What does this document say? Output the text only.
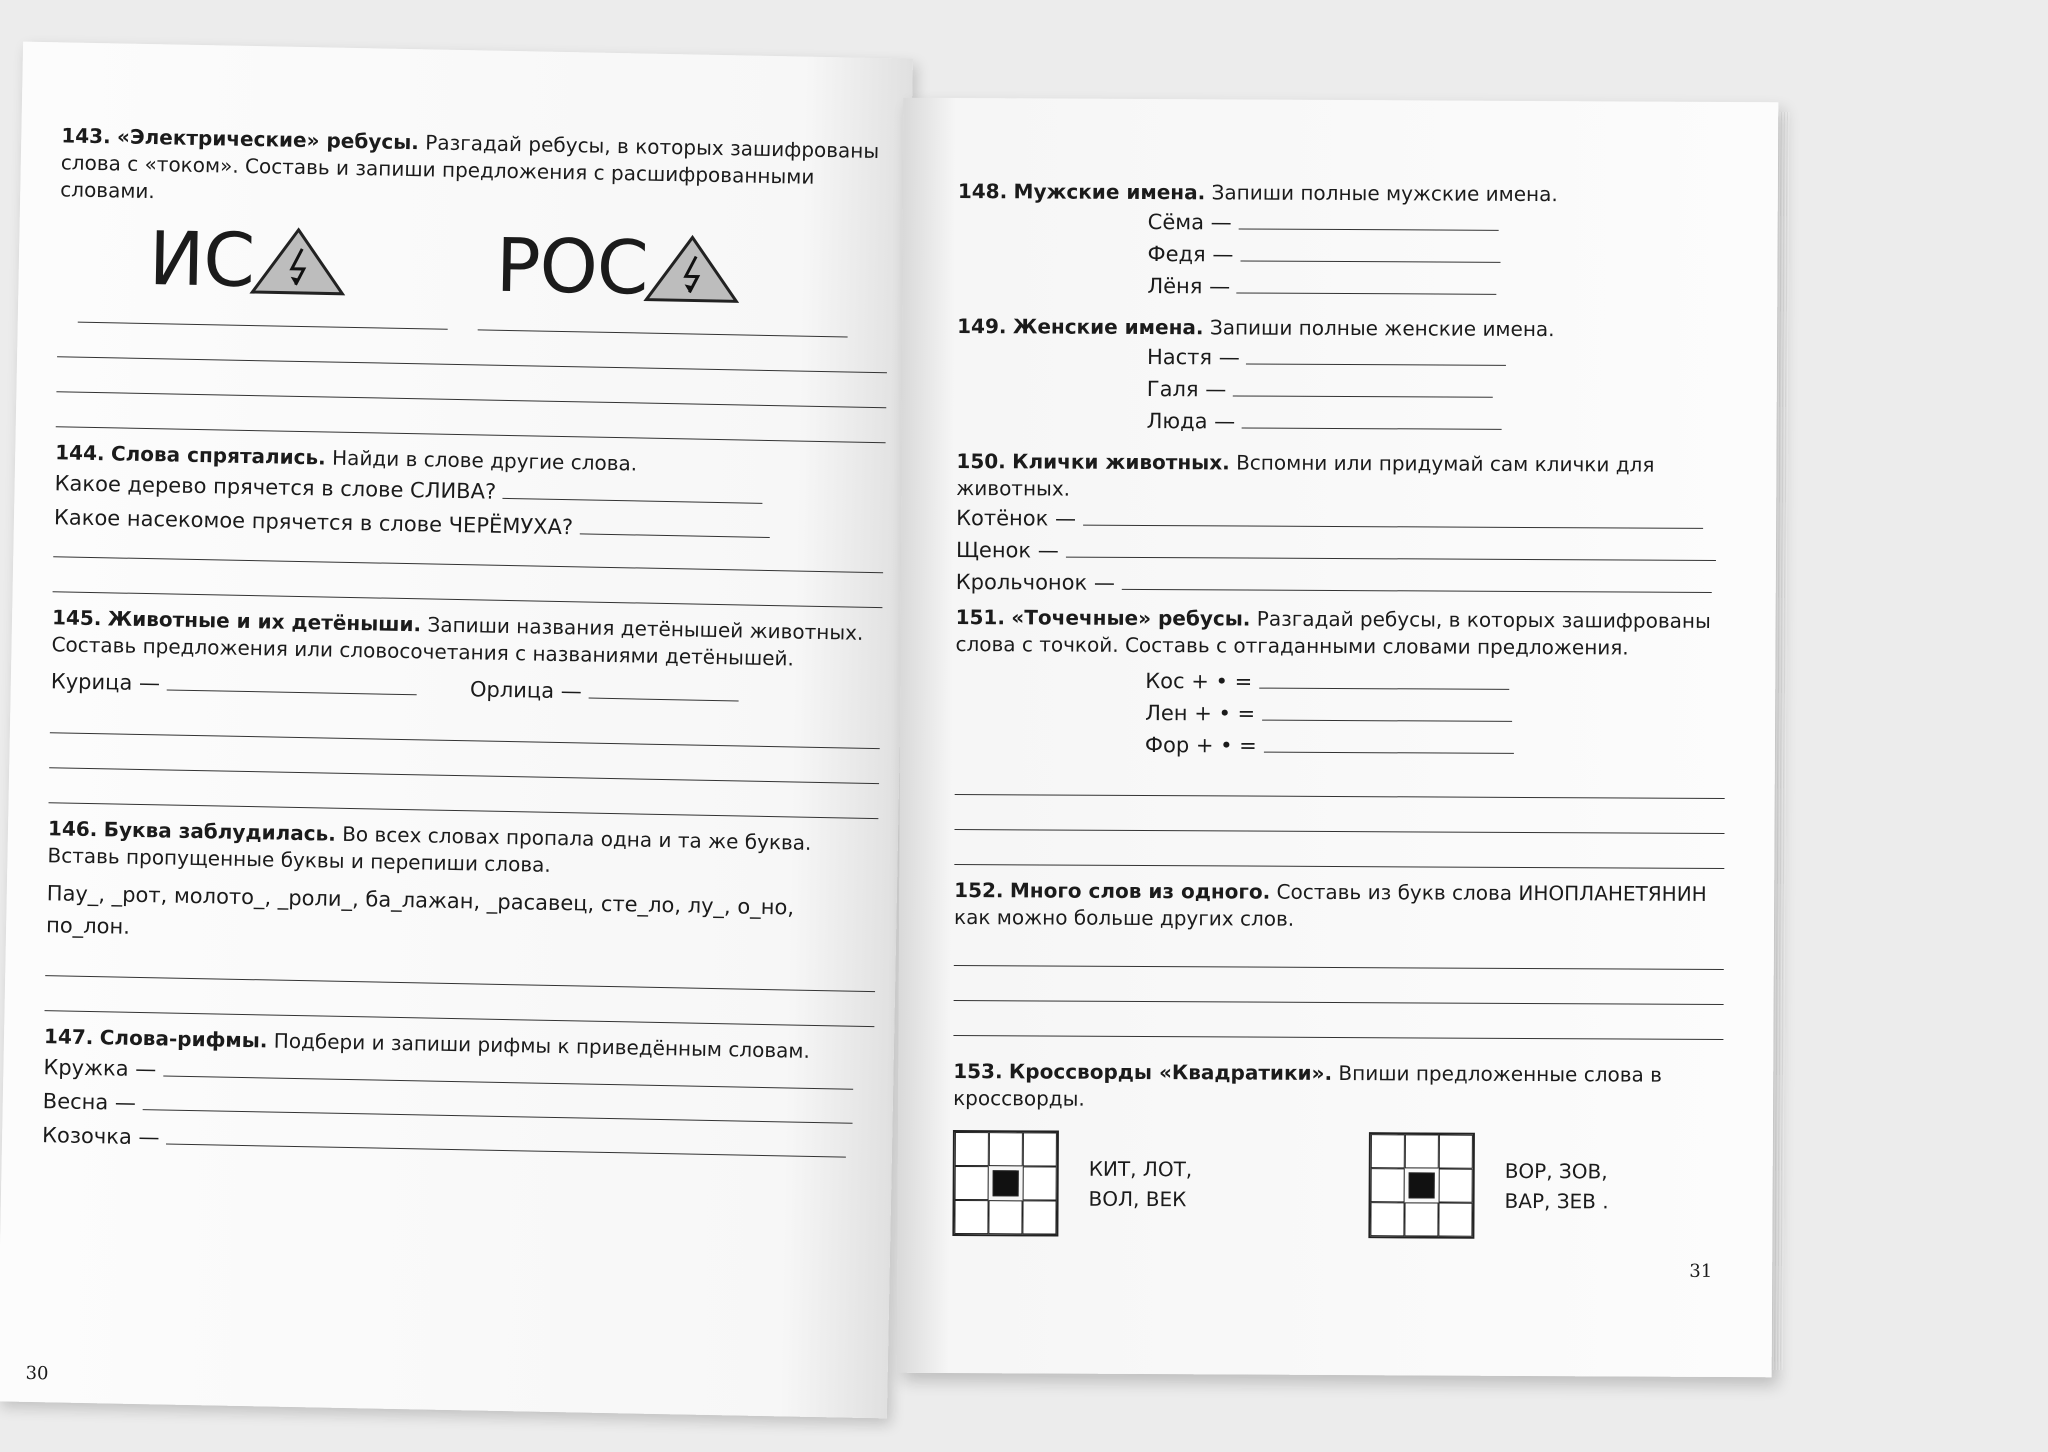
143. «Электрические» ребусы. Разгадай ребусы, в которых зашифрованы слова с «током». Составь и запиши предложения с расшифрованными словами.

ИС	РОС

144. Слова спрятались. Найди в слове другие слова.

Какое дерево прячется в слове СЛИВА?
Какое насекомое прячется в слове ЧЕРЁМУХА?

145. Животные и их детёныши. Запиши названия детёнышей животных. Составь предложения или словосочетания с названиями детёнышей.

Курица —	Орлица —

146. Буква заблудилась. Во всех словах пропала одна и та же буква. Вставь пропущенные буквы и перепиши слова.

Пау_, _рот, молото_, _роли_, ба_лажан, _расавец, сте_ло, лу_, о_но, по_лон.

147. Слова-рифмы. Подбери и запиши рифмы к приведённым словам.

Кружка —
Весна —
Козочка —
30

148. Мужские имена. Запиши полные мужские имена.

Сёма —
Федя —
Лёня —

149. Женские имена. Запиши полные женские имена.

Настя —
Галя —
Люда —

150. Клички животных. Вспомни или придумай сам клички для животных.

Котёнок —
Щенок —
Крольчонок —

151. «Точечные» ребусы. Разгадай ребусы, в которых зашифрованы слова с точкой. Составь с отгаданными словами предложения.

Кос + • =
Лен + • =
Фор + • =

152. Много слов из одного. Составь из букв слова ИНОПЛАНЕТЯНИН как можно больше других слов.

153. Кроссворды «Квадратики». Впиши предложенные слова в кроссворды.

КИТ, ЛОТ,
ВОЛ, ВЕК
ВОР, ЗОВ,
ВАР, ЗЕВ .
31
